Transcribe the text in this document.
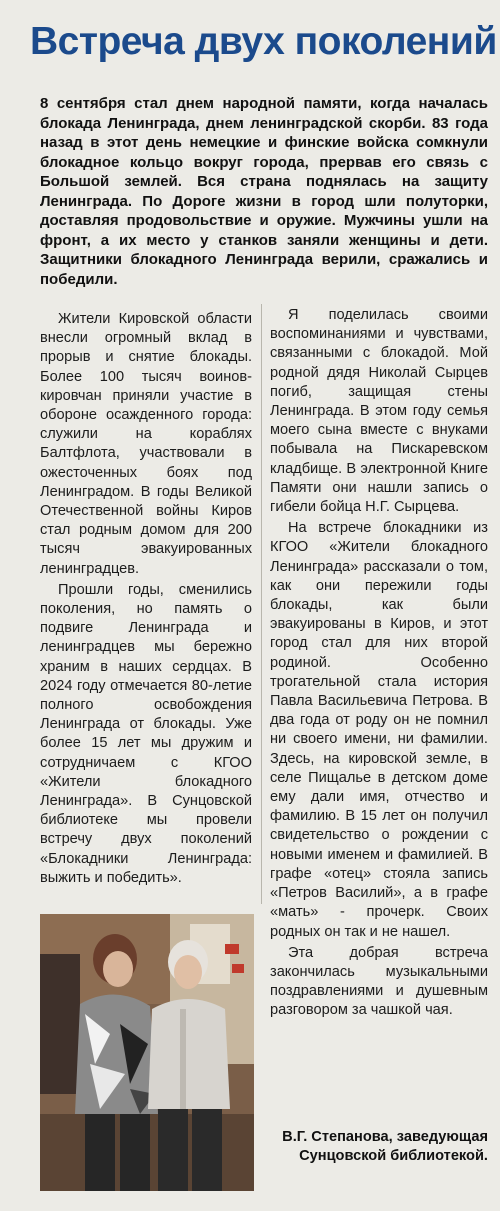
Встреча двух поколений
8 сентября стал днем народной памяти, когда началась блокада Ленинграда, днем ленинградской скорби. 83 года назад в этот день немецкие и финские войска сомкнули блокадное кольцо вокруг города, прервав его связь с Большой землей. Вся страна поднялась на защиту Ленинграда. По Дороге жизни в город шли полуторки, доставляя продовольствие и оружие. Мужчины ушли на фронт, а их место у станков заняли женщины и дети. Защитники блокадного Ленинграда верили, сражались и победили.

Жители Кировской области внесли огромный вклад в прорыв и снятие блокады. Более 100 тысяч воинов-кировчан приняли участие в обороне осажденного города: служили на кораблях Балтфлота, участвовали в ожесточенных боях под Ленинградом. В годы Великой Отечественной войны Киров стал родным домом для 200 тысяч эвакуированных ленинградцев.

Прошли годы, сменились поколения, но память о подвиге Ленинграда и ленинградцев мы бережно храним в наших сердцах. В 2024 году отмечается 80-летие полного освобождения Ленинграда от блокады. Уже более 15 лет мы дружим и сотрудничаем с КГОО «Жители блокадного Ленинграда». В Сунцовской библиотеке мы провели встречу двух поколений «Блокадники Ленинграда: выжить и победить».

Я поделилась своими воспоминаниями и чувствами, связанными с блокадой. Мой родной дядя Николай Сырцев погиб, защищая стены Ленинграда. В этом году семья моего сына вместе с внуками побывала на Пискаревском кладбище. В электронной Книге Памяти они нашли запись о гибели бойца Н.Г. Сырцева.

На встрече блокадники из КГОО «Жители блокадного Ленинграда» рассказали о том, как они пережили годы блокады, как были эвакуированы в Киров, и этот город стал для них второй родиной. Особенно трогательной стала история Павла Васильевича Петрова. В два года от роду он не помнил ни своего имени, ни фамилии. Здесь, на кировской земле, в селе Пищалье в детском доме ему дали имя, отчество и фамилию. В 15 лет он получил свидетельство о рождении с новыми именем и фамилией. В графе «отец» стояла запись «Петров Василий», а в графе «мать» - прочерк. Своих родных он так и не нашел.

Эта добрая встреча закончилась музыкальными поздравлениями и душевным разговором за чашкой чая.

В.Г. Степанова, заведующая Сунцовской библиотекой.
